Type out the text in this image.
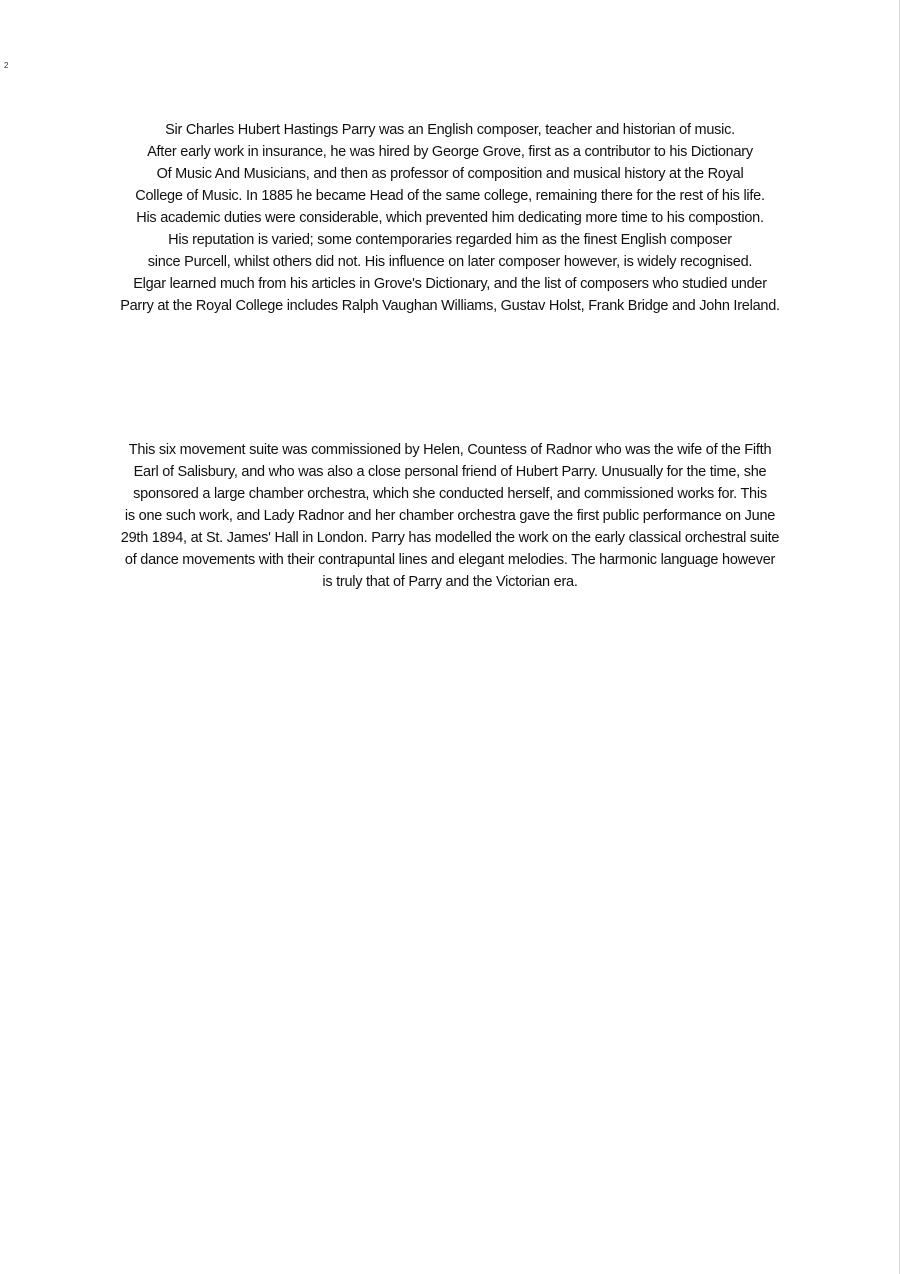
2
Sir Charles Hubert Hastings Parry was an English composer, teacher and historian of music.
After early work in insurance, he was hired by George Grove, first as a contributor to his Dictionary
Of Music And Musicians, and then as professor of composition and musical history at the Royal
College of Music. In 1885 he became Head of the same college, remaining there for the rest of his life.
His academic duties were considerable, which prevented him dedicating more time to his compostion.
His reputation is varied; some contemporaries regarded him as the finest English composer
since Purcell, whilst others did not. His influence on later composer however, is widely recognised.
Elgar learned much from his articles in Grove's Dictionary, and the list of composers who studied under
Parry at the Royal College includes Ralph Vaughan Williams, Gustav Holst, Frank Bridge and John Ireland.
This six movement suite was commissioned by Helen, Countess of Radnor who was the wife of the Fifth
Earl of Salisbury, and who was also a close personal friend of Hubert Parry. Unusually for the time, she
sponsored a large chamber orchestra, which she conducted herself, and commissioned works for. This
is one such work, and Lady Radnor and her chamber orchestra gave the first public performance on June
29th 1894, at St. James' Hall in London. Parry has modelled the work on the early classical orchestral suite
of dance movements with their contrapuntal lines and elegant melodies. The harmonic language however
is truly that of Parry and the Victorian era.
